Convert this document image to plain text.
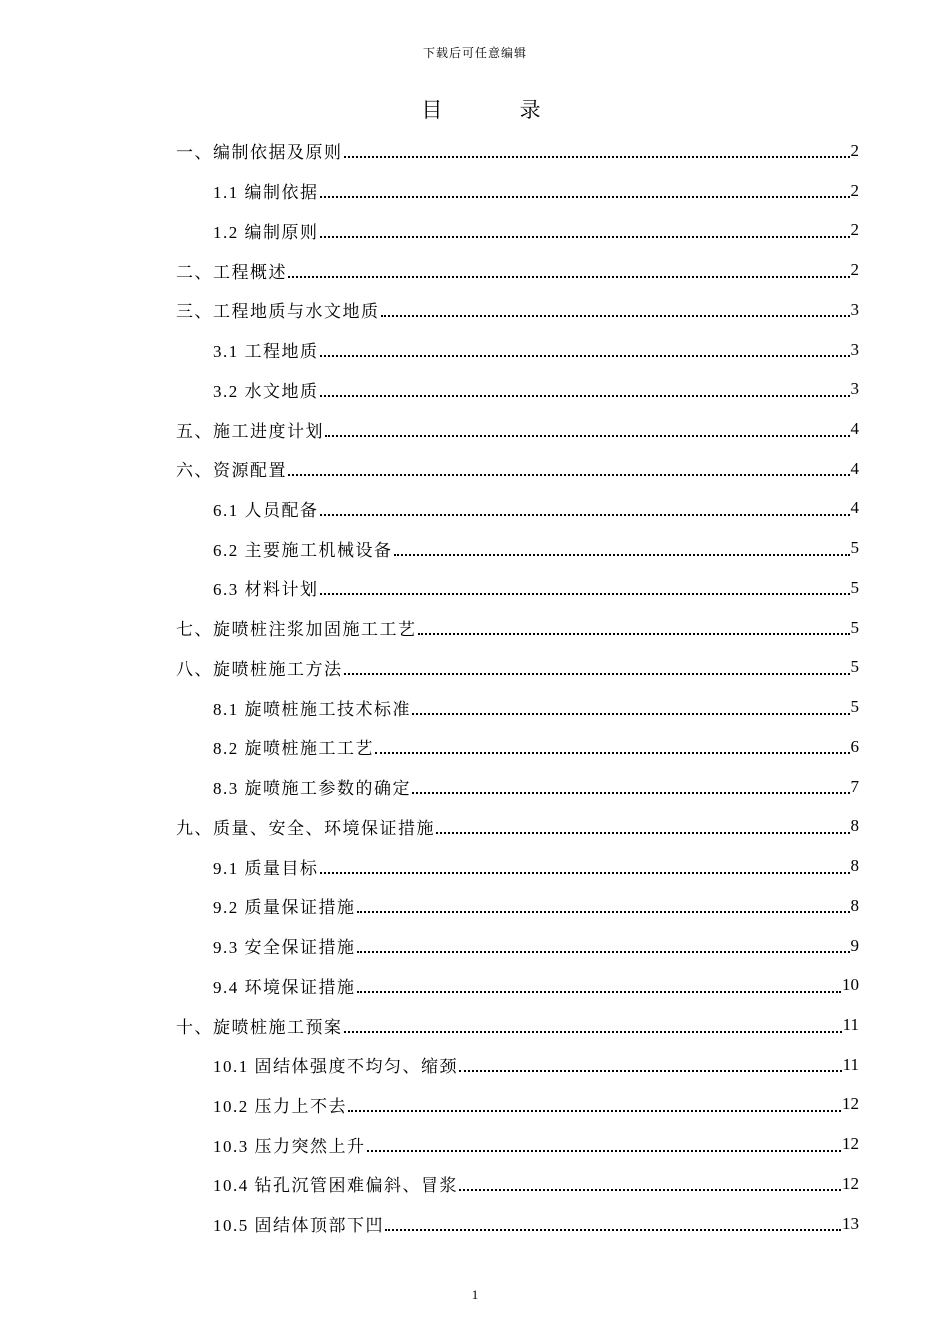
下载后可任意编辑
目 录
一、编制依据及原则	2
1.1 编制依据	2
1.2 编制原则	2
二、工程概述	2
三、工程地质与水文地质	3
3.1 工程地质	3
3.2 水文地质	3
五、施工进度计划	4
六、资源配置	4
6.1 人员配备	4
6.2 主要施工机械设备	5
6.3 材料计划	5
七、旋喷桩注浆加固施工工艺	5
八、旋喷桩施工方法	5
8.1 旋喷桩施工技术标准	5
8.2 旋喷桩施工工艺	6
8.3 旋喷施工参数的确定	7
九、质量、安全、环境保证措施	8
9.1 质量目标	8
9.2 质量保证措施	8
9.3 安全保证措施	9
9.4 环境保证措施	10
十、旋喷桩施工预案	11
10.1 固结体强度不均匀、缩颈	11
10.2 压力上不去	12
10.3 压力突然上升	12
10.4 钻孔沉管困难偏斜、冒浆	12
10.5 固结体顶部下凹	13
1
